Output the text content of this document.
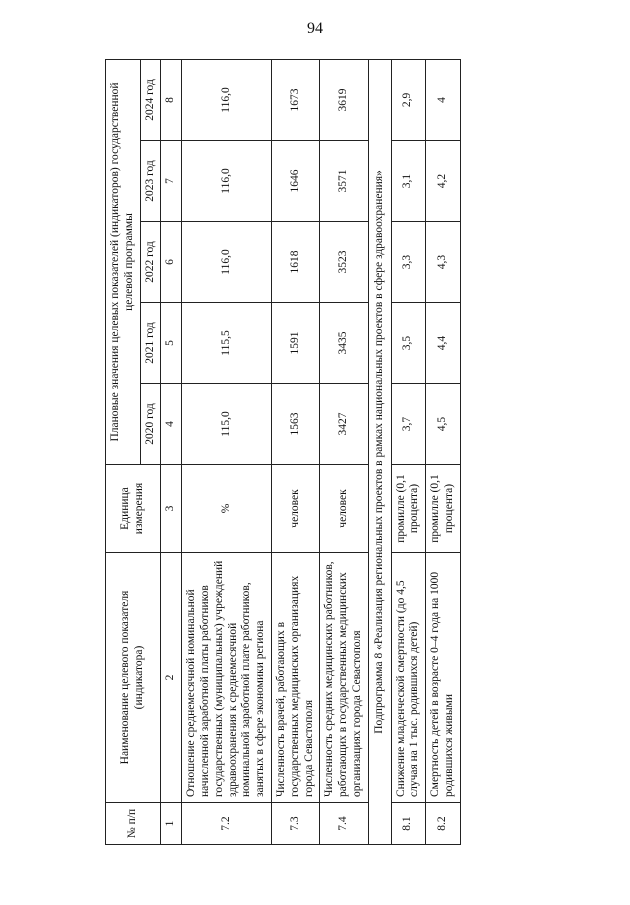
94
№ п/п	Наименование целевого показателя (индикатора)	Единица измерения	Плановые значения целевых показателей (индикаторов) государственной целевой программы				
			2020 год	2021 год	2022 год	2023 год	2024 год
1	2	3	4	5	6	7	8
7.2	Отношение среднемесячной номинальной начисленной заработной платы работников государственных (муниципальных) учреждений здравоохранения к среднемесячной номинальной заработной плате работников, занятых в сфере экономики региона	%	115,0	115,5	116,0	116,0	116,0
7.3	Численность врачей, работающих в государственных медицинских организациях города Севастополя	человек	1563	1591	1618	1646	1673
7.4	Численность средних медицинских работников, работающих в государственных медицинских организациях города Севастополя	человек	3427	3435	3523	3571	3619
Подпрограмма 8 «Реализация региональных проектов в рамках национальных проектов в сфере здравоохранения»							
8.1	Снижение младенческой смертности (до 4,5 случая на 1 тыс. родившихся детей)	промилле (0,1 процента)	3,7	3,5	3,3	3,1	2,9
8.2	Смертность детей в возрасте 0–4 года на 1000 родившихся живыми	промилле (0,1 процента)	4,5	4,4	4,3	4,2	4
